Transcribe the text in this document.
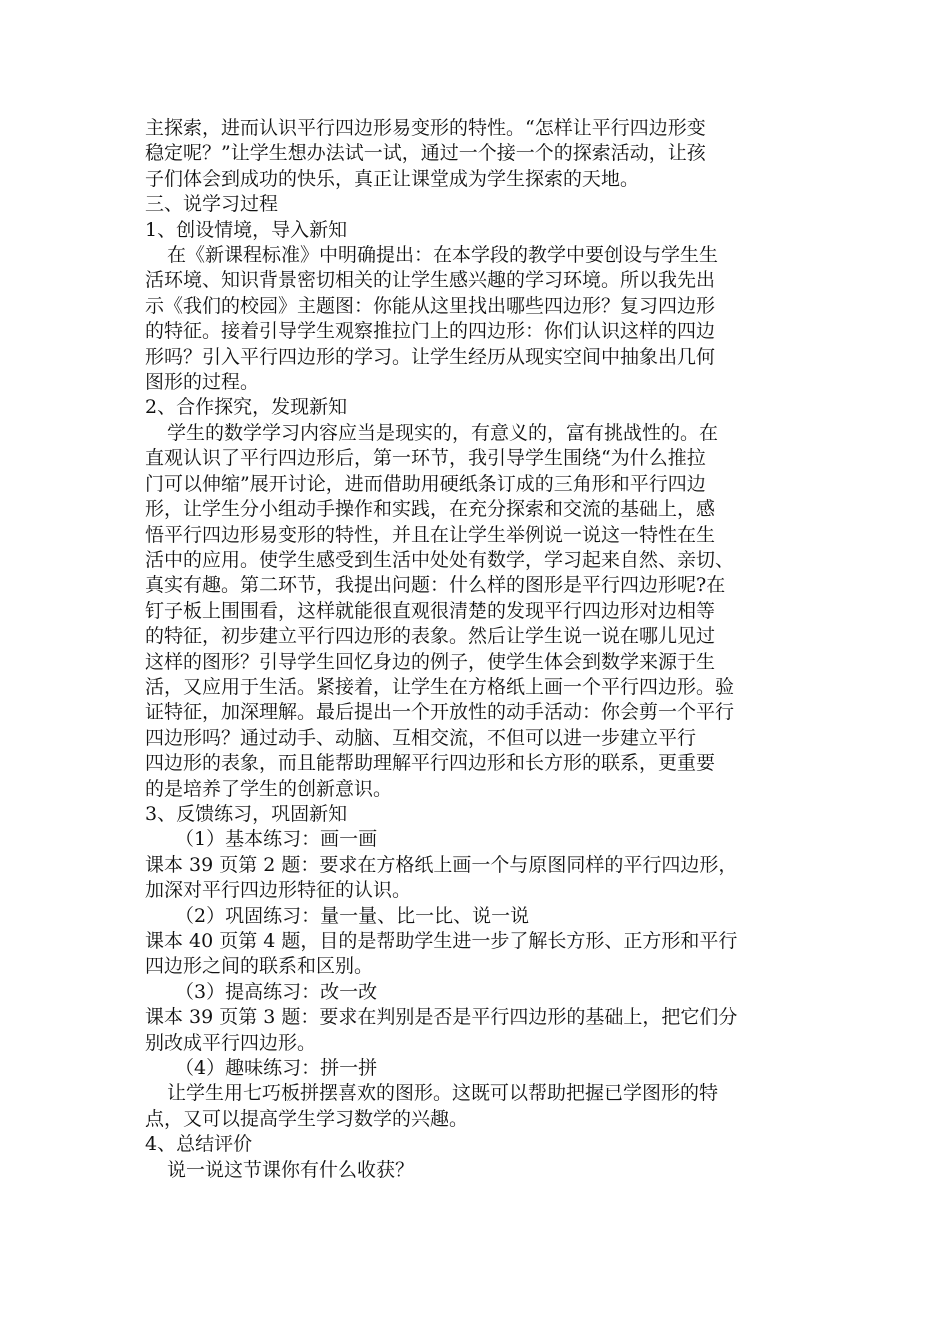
主探索，进而认识平行四边形易变形的特性。“怎样让平行四边形变
稳定呢？”让学生想办法试一试，通过一个接一个的探索活动，让孩
子们体会到成功的快乐，真正让课堂成为学生探索的天地。
三、说学习过程
1、创设情境，导入新知
在《新课程标准》中明确提出：在本学段的教学中要创设与学生生
活环境、知识背景密切相关的让学生感兴趣的学习环境。所以我先出
示《我们的校园》主题图：你能从这里找出哪些四边形？复习四边形
的特征。接着引导学生观察推拉门上的四边形：你们认识这样的四边
形吗？引入平行四边形的学习。让学生经历从现实空间中抽象出几何
图形的过程。
2、合作探究，发现新知
学生的数学学习内容应当是现实的，有意义的，富有挑战性的。在
直观认识了平行四边形后，第一环节，我引导学生围绕“为什么推拉
门可以伸缩”展开讨论，进而借助用硬纸条订成的三角形和平行四边
形，让学生分小组动手操作和实践，在充分探索和交流的基础上，感
悟平行四边形易变形的特性，并且在让学生举例说一说这一特性在生
活中的应用。使学生感受到生活中处处有数学，学习起来自然、亲切、
真实有趣。第二环节，我提出问题：什么样的图形是平行四边形呢?在
钉子板上围围看，这样就能很直观很清楚的发现平行四边形对边相等
的特征，初步建立平行四边形的表象。然后让学生说一说在哪儿见过
这样的图形？引导学生回忆身边的例子，使学生体会到数学来源于生
活，又应用于生活。紧接着，让学生在方格纸上画一个平行四边形。验
证特征，加深理解。最后提出一个开放性的动手活动：你会剪一个平行
四边形吗？通过动手、动脑、互相交流，不但可以进一步建立平行
四边形的表象，而且能帮助理解平行四边形和长方形的联系，更重要
的是培养了学生的创新意识。
3、反馈练习，巩固新知
（1）基本练习：画一画
课本 39 页第 2 题：要求在方格纸上画一个与原图同样的平行四边形，
加深对平行四边形特征的认识。
（2）巩固练习：量一量、比一比、说一说
课本 40 页第 4 题，目的是帮助学生进一步了解长方形、正方形和平行
四边形之间的联系和区别。
（3）提高练习：改一改
课本 39 页第 3 题：要求在判别是否是平行四边形的基础上，把它们分
别改成平行四边形。
（4）趣味练习：拼一拼
让学生用七巧板拼摆喜欢的图形。这既可以帮助把握已学图形的特
点，又可以提高学生学习数学的兴趣。
4、总结评价
说一说这节课你有什么收获？
